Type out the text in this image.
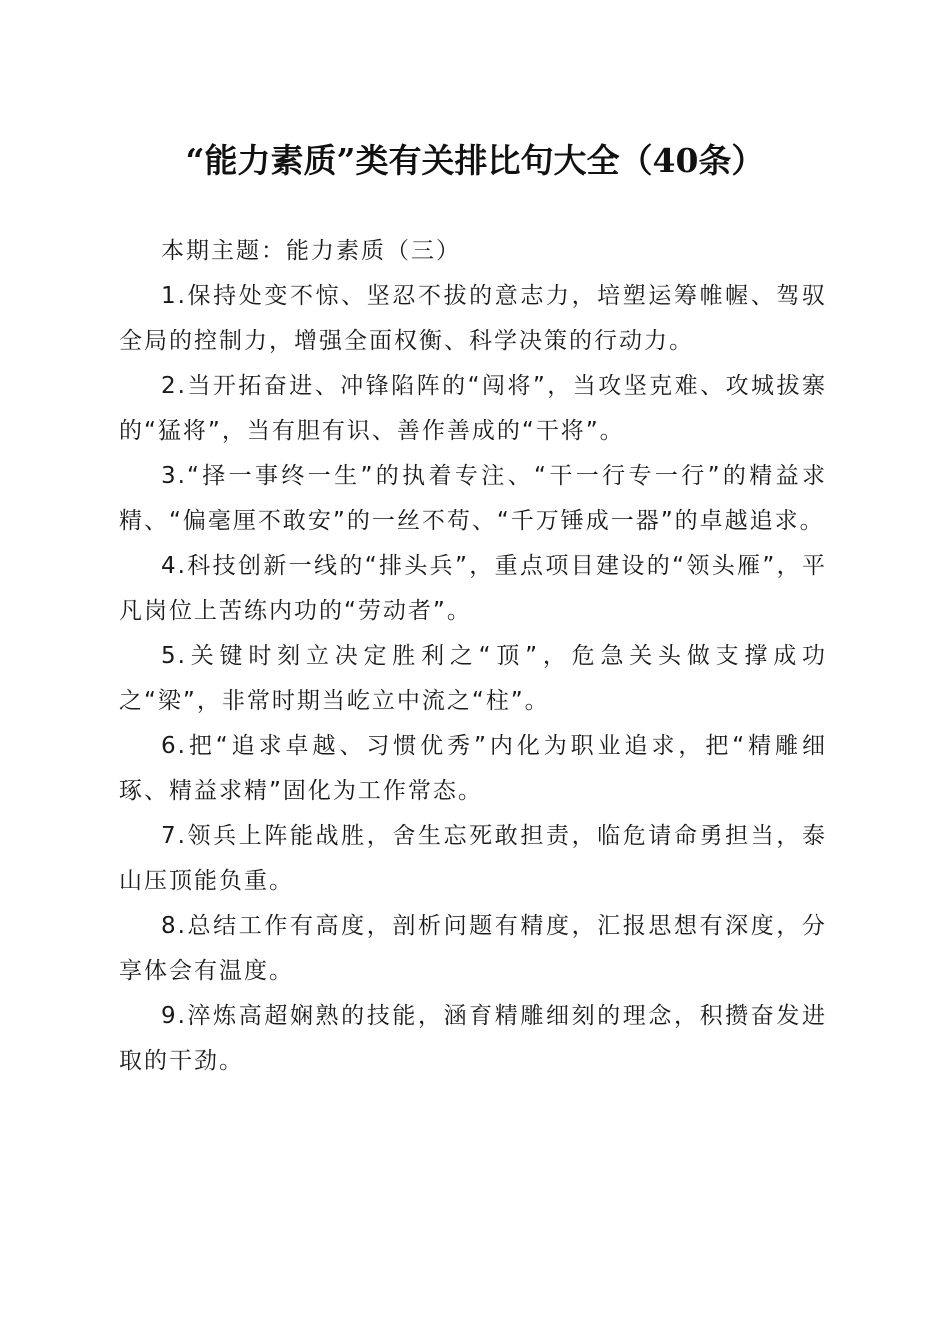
“能力素质”类有关排比句大全（40条）

本期主题：能力素质（三）

1.保持处变不惊、坚忍不拔的意志力，培塑运筹帷幄、驾驭全局的控制力，增强全面权衡、科学决策的行动力。

2.当开拓奋进、冲锋陷阵的“闯将”，当攻坚克难、攻城拔寨的“猛将”，当有胆有识、善作善成的“干将”。

3.“择一事终一生”的执着专注、“干一行专一行”的精益求精、“偏毫厘不敢安”的一丝不苟、“千万锤成一器”的卓越追求。

4.科技创新一线的“排头兵”，重点项目建设的“领头雁”，平凡岗位上苦练内功的“劳动者”。

5.关键时刻立决定胜利之“顶”，危急关头做支撑成功之“梁”，非常时期当屹立中流之“柱”。

6.把“追求卓越、习惯优秀”内化为职业追求，把“精雕细琢、精益求精”固化为工作常态。

7.领兵上阵能战胜，舍生忘死敢担责，临危请命勇担当，泰山压顶能负重。

8.总结工作有高度，剖析问题有精度，汇报思想有深度，分享体会有温度。

9.淬炼高超娴熟的技能，涵育精雕细刻的理念，积攒奋发进取的干劲。
